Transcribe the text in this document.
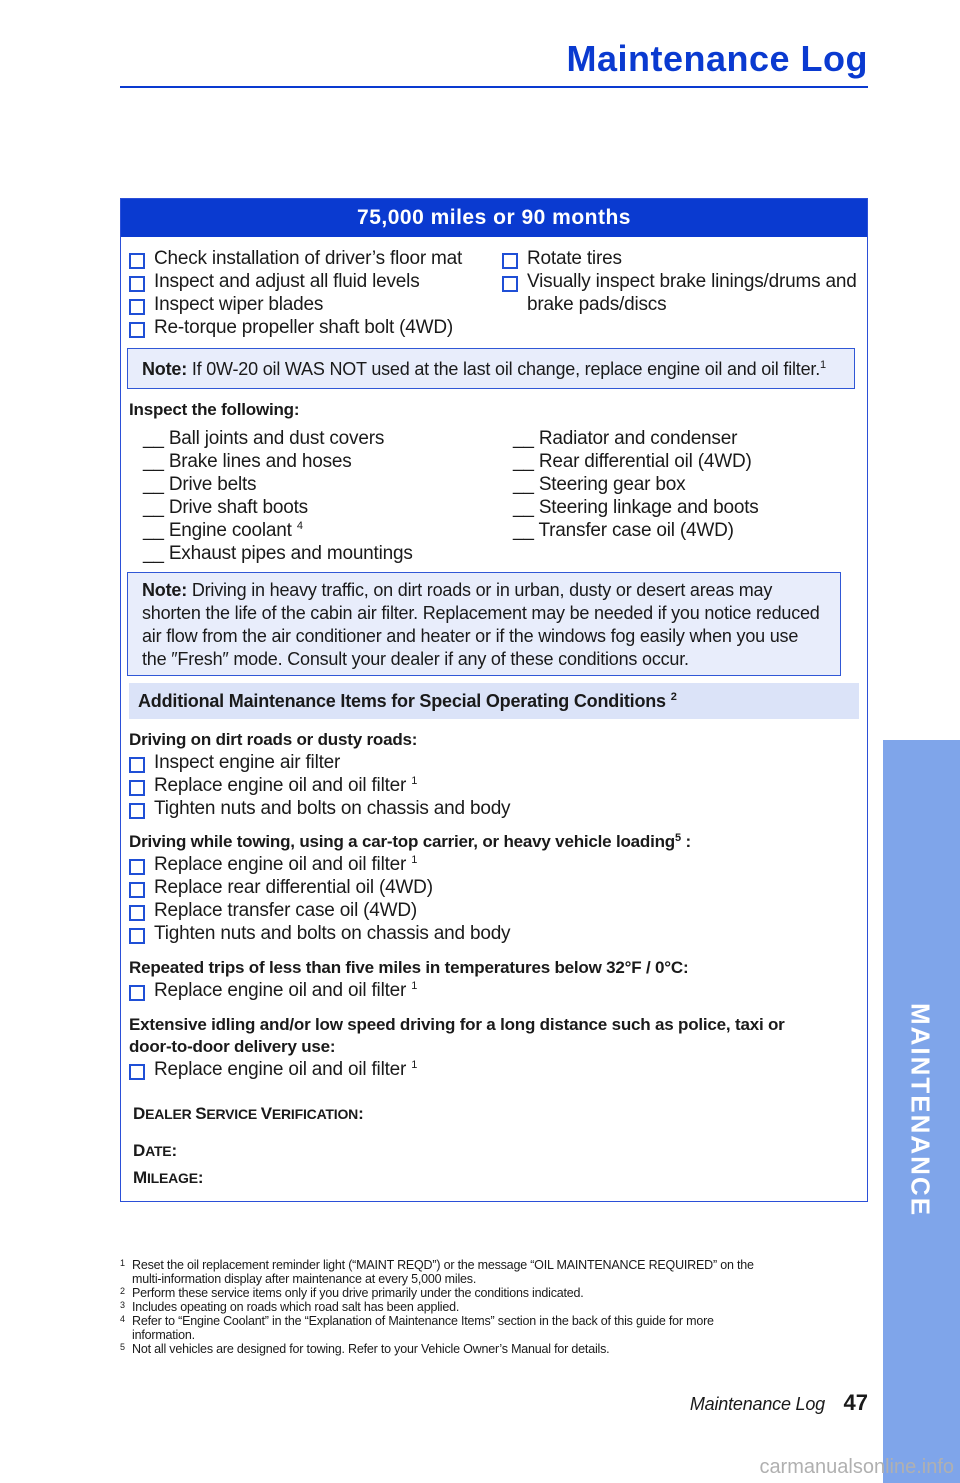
Maintenance Log
MAINTENANCE
75,000 miles or 90 months
Check installation of driver’s floor mat
Inspect and adjust all fluid levels
Inspect wiper blades
Re-torque propeller shaft bolt (4WD)
Rotate tires
Visually inspect brake linings/drums and
brake pads/discs
Note: If 0W-20 oil WAS NOT used at the last oil change, replace engine oil and oil filter.$^1$
Inspect the following:
__ Ball joints and dust covers
__ Brake lines and hoses
__ Drive belts
__ Drive shaft boots
__ Engine coolant $^4$
__ Exhaust pipes and mountings
__ Radiator and condenser
__ Rear differential oil (4WD)
__ Steering gear box
__ Steering linkage and boots
__ Transfer case oil (4WD)
Note: Driving in heavy traffic, on dirt roads or in urban, dusty or desert areas may
shorten the life of the cabin air filter. Replacement may be needed if you notice reduced
air flow from the air conditioner and heater or if the windows fog easily when you use
the ″Fresh″ mode. Consult your dealer if any of these conditions occur.
Additional Maintenance Items for Special Operating Conditions $^2$
Driving on dirt roads or dusty roads:
Inspect engine air filter
Replace engine oil and oil filter $^1$
Tighten nuts and bolts on chassis and body
Driving while towing, using a car-top carrier, or heavy vehicle loading$^5$ :
Replace engine oil and oil filter $^1$
Replace rear differential oil (4WD)
Replace transfer case oil (4WD)
Tighten nuts and bolts on chassis and body
Repeated trips of less than five miles in temperatures below 32°F / 0°C:
Replace engine oil and oil filter $^1$
Extensive idling and/or low speed driving for a long distance such as police, taxi or
door-to-door delivery use:
Replace engine oil and oil filter $^1$
DEALER SERVICE VERIFICATION:
DATE:
MILEAGE:
1 Reset the oil replacement reminder light (“MAINT REQD”) or the message “OIL MAINTENANCE REQUIRED” on the
multi-information display after maintenance at every 5,000 miles.
2 Perform these service items only if you drive primarily under the conditions indicated.
3 Includes opeating on roads which road salt has been applied.
4 Refer to “Engine Coolant” in the “Explanation of Maintenance Items” section in the back of this guide for more
information.
5 Not all vehicles are designed for towing. Refer to your Vehicle Owner’s Manual for details.
Maintenance Log 47
carmanualsonline.info
